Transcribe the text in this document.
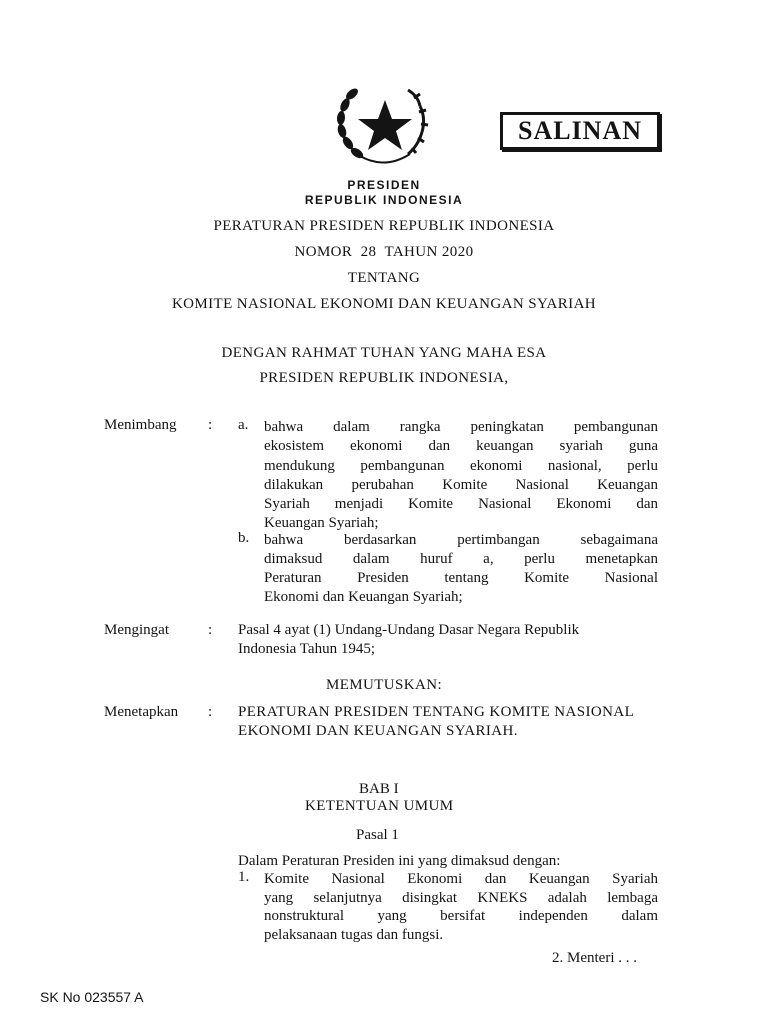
SALINAN
PRESIDEN
REPUBLIK INDONESIA
PERATURAN PRESIDEN REPUBLIK INDONESIA
NOMOR  28  TAHUN 2020
TENTANG
KOMITE NASIONAL EKONOMI DAN KEUANGAN SYARIAH
DENGAN RAHMAT TUHAN YANG MAHA ESA
PRESIDEN REPUBLIK INDONESIA,
Menimbang : a. bahwa dalam rangka peningkatan pembangunan
ekosistem ekonomi dan keuangan syariah guna
mendukung pembangunan ekonomi nasional, perlu
dilakukan perubahan Komite Nasional Keuangan
Syariah menjadi Komite Nasional Ekonomi dan
Keuangan Syariah;
b. bahwa berdasarkan pertimbangan sebagaimana
dimaksud dalam huruf a, perlu menetapkan
Peraturan Presiden tentang Komite Nasional
Ekonomi dan Keuangan Syariah;
Mengingat	: Pasal 4 ayat (1) Undang-Undang Dasar Negara Republik
Indonesia Tahun 1945;
MEMUTUSKAN:
Menetapkan : PERATURAN PRESIDEN TENTANG KOMITE NASIONAL
EKONOMI DAN KEUANGAN SYARIAH.
BAB I
KETENTUAN UMUM
Pasal 1
Dalam Peraturan Presiden ini yang dimaksud dengan:
1. Komite Nasional Ekonomi dan Keuangan Syariah
yang selanjutnya disingkat KNEKS adalah lembaga
nonstruktural yang bersifat independen dalam
pelaksanaan tugas dan fungsi.
2. Menteri . . .
SK No 023557 A
